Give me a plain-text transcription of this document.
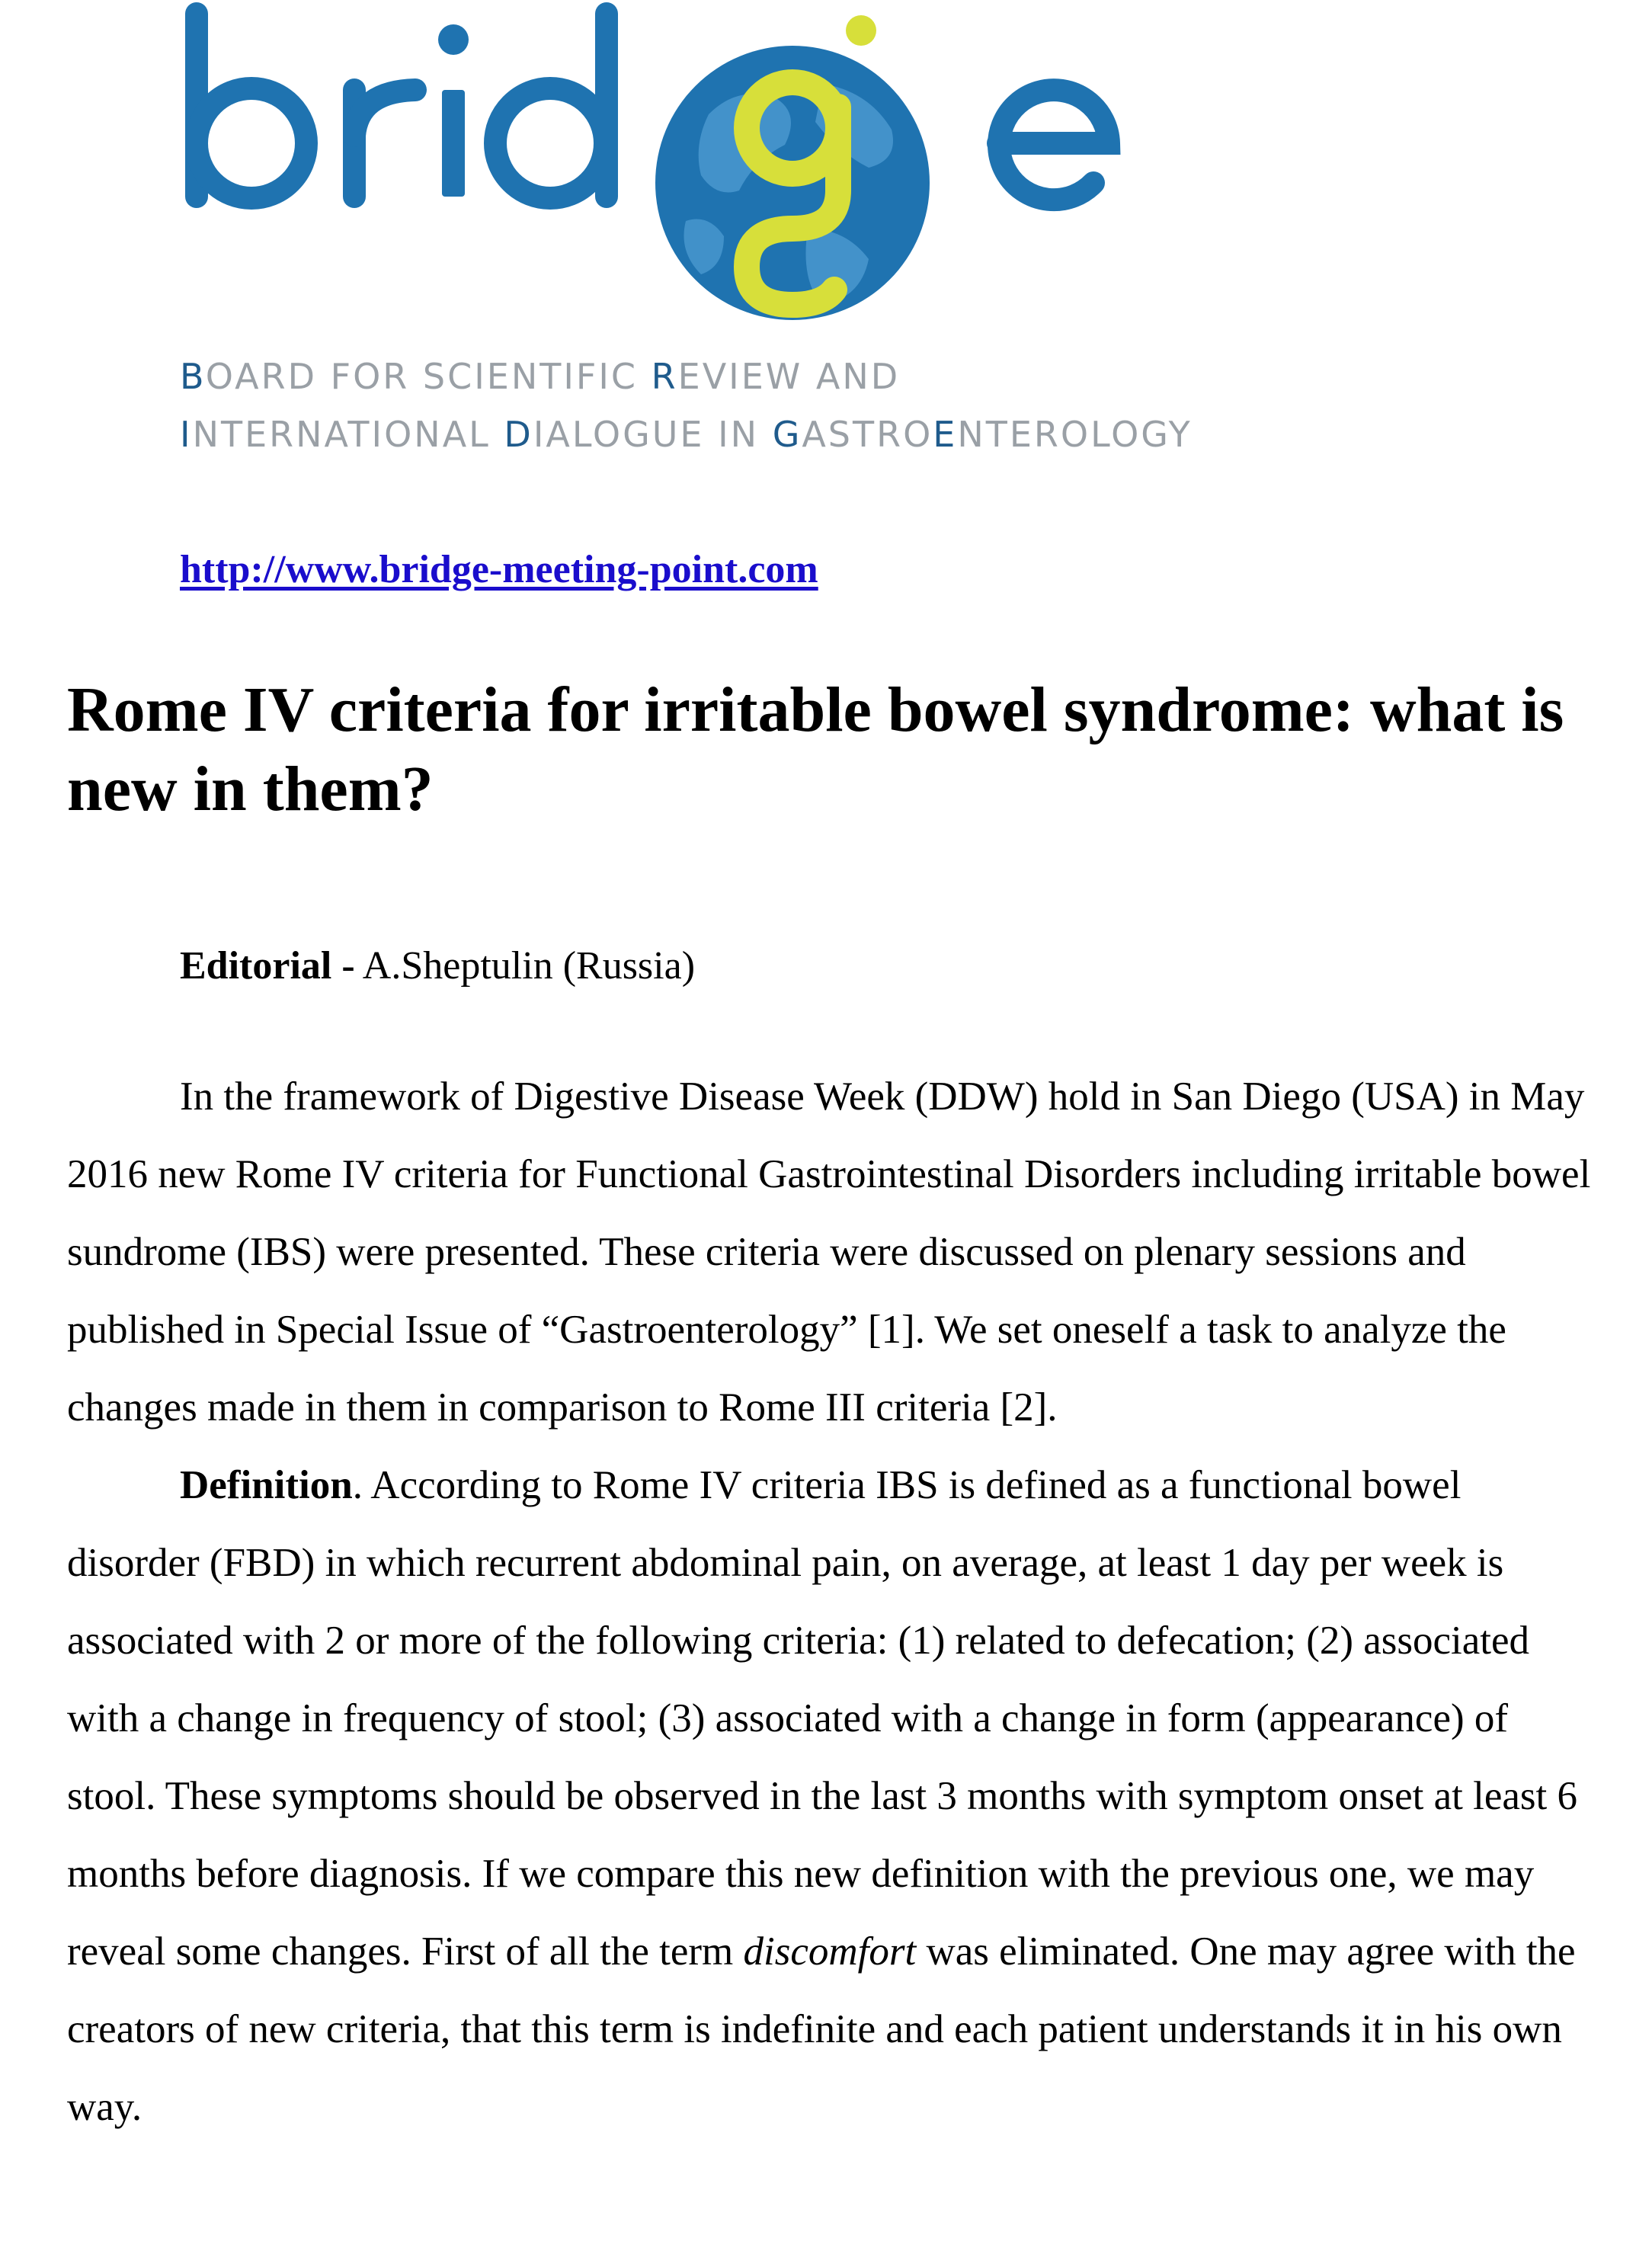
BOARD FOR SCIENTIFIC REVIEW AND
INTERNATIONAL DIALOGUE IN GASTROENTEROLOGY

http://www.bridge-meeting-point.com
Rome IV criteria for irritable bowel syndrome: what is new in them?

Editorial - A.Sheptulin (Russia)

In the framework of Digestive Disease Week (DDW) hold in San Diego (USA) in May 2016 new Rome IV criteria for Functional Gastrointestinal Disorders including irritable bowel sundrome (IBS) were presented. These criteria were discussed on plenary sessions and published in Special Issue of “Gastroenterology” [1]. We set oneself a task to analyze the changes made in them in comparison to Rome III criteria [2].

Definition. According to Rome IV criteria IBS is defined as a functional bowel disorder (FBD) in which recurrent abdominal pain, on average, at least 1 day per week is associated with 2 or more of the following criteria: (1) related to defecation; (2) associated with a change in frequency of stool; (3) associated with a change in form (appearance) of stool. These symptoms should be observed in the last 3 months with symptom onset at least 6 months before diagnosis. If we compare this new definition with the previous one, we may reveal some changes. First of all the term discomfort was eliminated. One may agree with the creators of new criteria, that this term is indefinite and each patient understands it in his own way.
